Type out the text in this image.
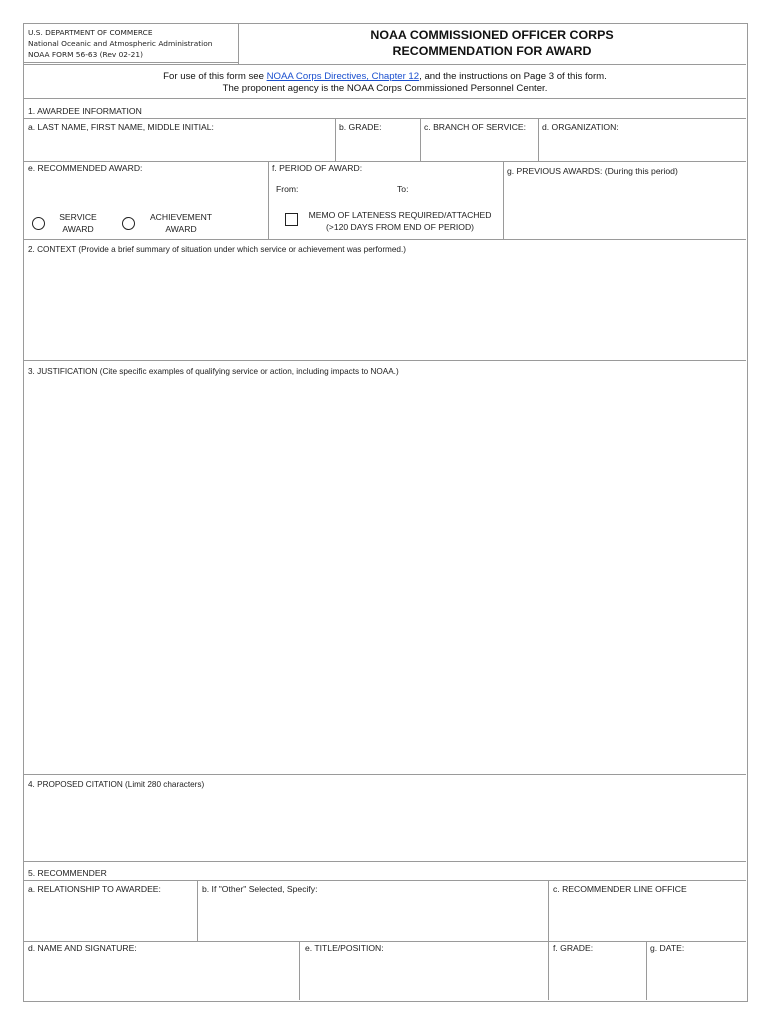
U.S. DEPARTMENT OF COMMERCE
National Oceanic and Atmospheric Administration
NOAA FORM 56-63 (Rev 02-21)
NOAA COMMISSIONED OFFICER CORPS
RECOMMENDATION FOR AWARD
For use of this form see NOAA Corps Directives, Chapter 12, and the instructions on Page 3 of this form.
The proponent agency is the NOAA Corps Commissioned Personnel Center.
1. AWARDEE INFORMATION
a. LAST NAME, FIRST NAME, MIDDLE INITIAL:	b. GRADE:	c. BRANCH OF SERVICE: d. ORGANIZATION:
e. RECOMMENDED AWARD:
SERVICE
AWARD
ACHIEVEMENT
AWARD
f. PERIOD OF AWARD:
From:	To:
MEMO OF LATENESS REQUIRED/ATTACHED
(>120 DAYS FROM END OF PERIOD)
g. PREVIOUS AWARDS: (During this period)
2. CONTEXT (Provide a brief summary of situation under which service or achievement was performed.)
3. JUSTIFICATION (Cite specific examples of qualifying service or action, including impacts to NOAA.)
4. PROPOSED CITATION (Limit 280 characters)
5. RECOMMENDER
a. RELATIONSHIP TO AWARDEE:	b. If "Other" Selected, Specify:	c. RECOMMENDER LINE OFFICE
d. NAME AND SIGNATURE:	e. TITLE/POSITION:	f. GRADE:	g. DATE:
